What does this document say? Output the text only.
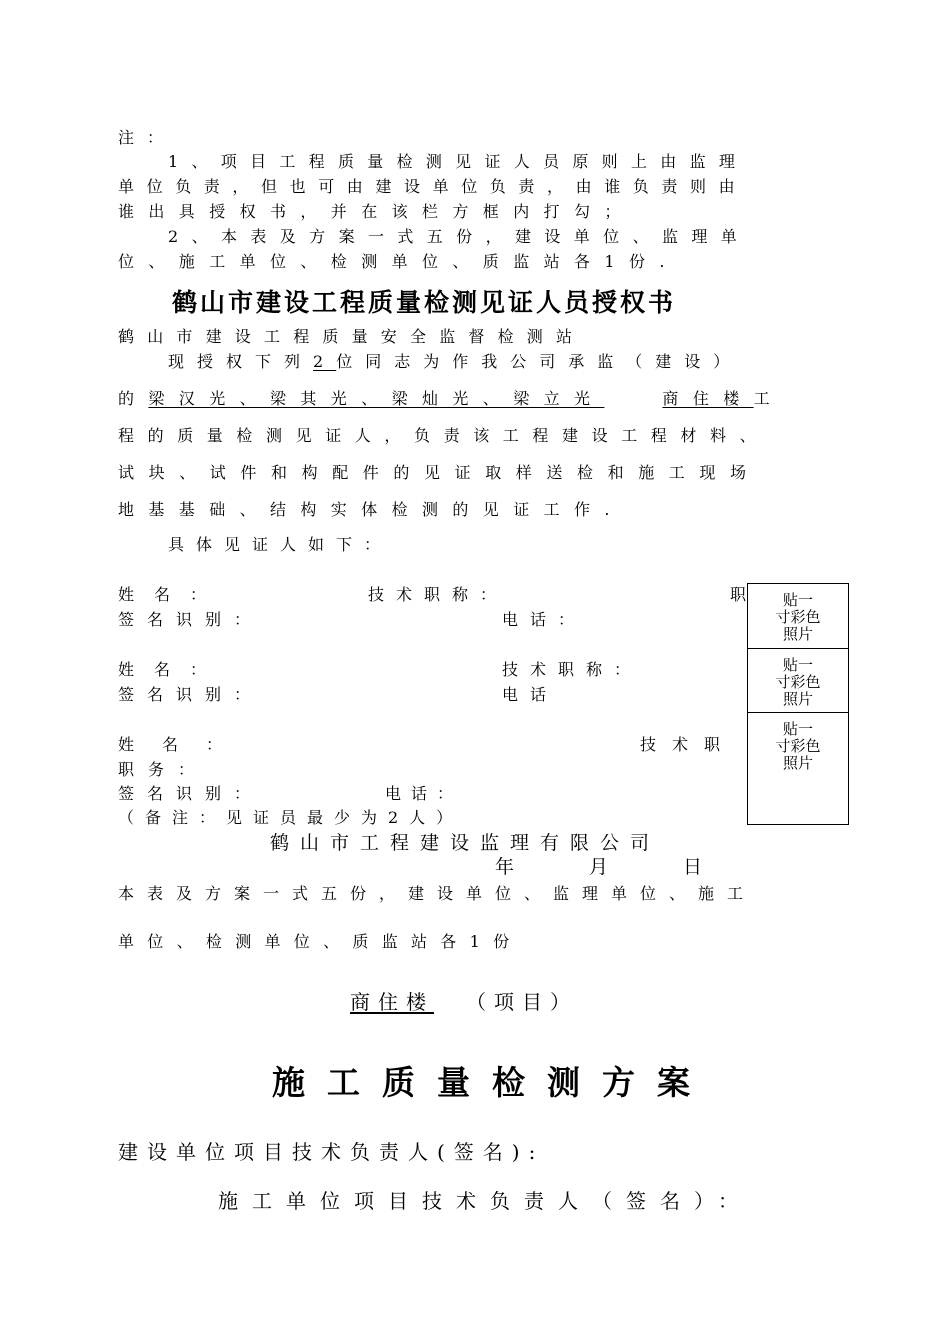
注：
1、项目工程质量检测见证人员原则上由监理
单位负责，但也可由建设单位负责，由谁负责则由
谁出具授权书，并在该栏方框内打勾；
2、本表及方案一式五份，建设单位、监理单
位、施工单位、检测单位、质监站各1份.
鹤山市建设工程质量检测见证人员授权书
鹤山市建设工程质量安全监督检测站
现授权下列2位同志为作我公司承监（建设）
的梁汉光、梁其光、梁灿光、梁立光	商住楼工
程的质量检测见证人，负责该工程建设工程材料、
试块、试件和构配件的见证取样送检和施工现场
地基基础、结构实体检测的见证工作.
具体见证人如下：
姓名：	技术职称：	职
签名识别：	电话：
姓名：	技术职称：
签名识别：	电话
姓名：	技术职
职务：
签名识别：	电话：
贴一
寸彩色
照片
贴一
寸彩色
照片
贴一
寸彩色
照片
（备注：见证员最少为2人）
鹤山市工程建设监理有限公司
年　月　日
本表及方案一式五份，建设单位、监理单位、施工
单位、检测单位、质监站各1份
商住楼 （项目）
施工质量检测方案
建设单位项目技术负责人(签名):
施工单位项目技术负责人（签名）：
